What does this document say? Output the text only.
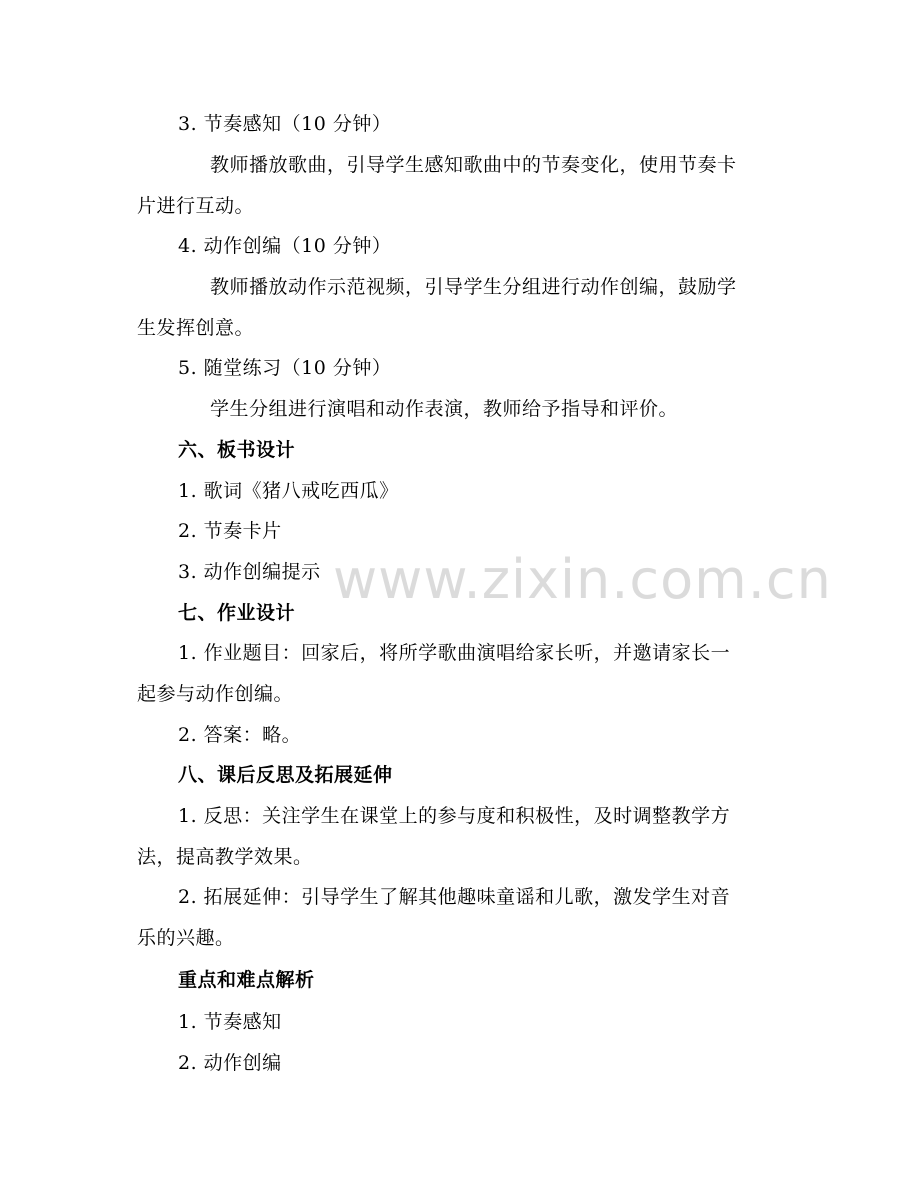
3. 节奏感知（10 分钟）
教师播放歌曲，引导学生感知歌曲中的节奏变化，使用节奏卡
片进行互动。
4. 动作创编（10 分钟）
教师播放动作示范视频，引导学生分组进行动作创编，鼓励学
生发挥创意。
5. 随堂练习（10 分钟）
学生分组进行演唱和动作表演，教师给予指导和评价。
六、板书设计
1. 歌词《猪八戒吃西瓜》
2. 节奏卡片
3. 动作创编提示
七、作业设计
1. 作业题目：回家后，将所学歌曲演唱给家长听，并邀请家长一
起参与动作创编。
2. 答案：略。
八、课后反思及拓展延伸
1. 反思：关注学生在课堂上的参与度和积极性，及时调整教学方
法，提高教学效果。
2. 拓展延伸：引导学生了解其他趣味童谣和儿歌，激发学生对音
乐的兴趣。
重点和难点解析
1. 节奏感知
2. 动作创编
www.zixin.com.cn
